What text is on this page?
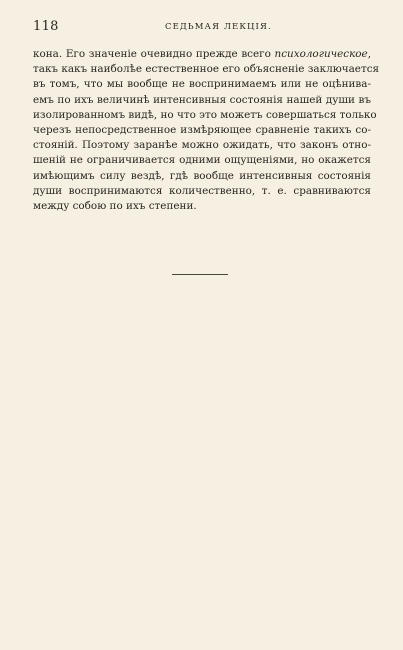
118	СЕДЬМАЯ ЛЕКЦІЯ.

кона. Его значеніе очевидно прежде всего психологическое,
такъ какъ наиболѣе естественное его объясненіе заключается
въ томъ, что мы вообще не воспринимаемъ или не оцѣнива-
емъ по ихъ величинѣ интенсивныя состоянія нашей души въ
изолированномъ видѣ, но что это можетъ совершаться только
черезъ непосредственное измѣряющее сравненіе такихъ со-
стояній. Поэтому заранѣе можно ожидать, что законъ отно-
шеній не ограничивается одними ощущеніями, но окажется
имѣющимъ силу вездѣ, гдѣ вообще интенсивныя состоянія
души воспринимаются количественно, т. е. сравниваются
между собою по ихъ степени.
